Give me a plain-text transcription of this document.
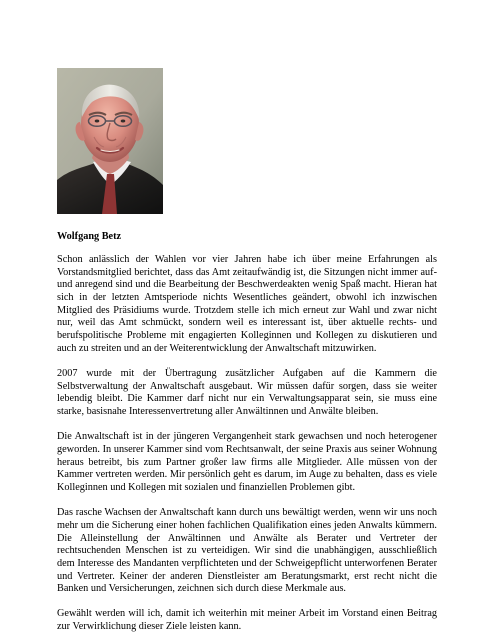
Wolfgang Betz

Schon anlässlich der Wahlen vor vier Jahren habe ich über meine Erfahrungen als Vorstandsmitglied berichtet, dass das Amt zeitaufwändig ist, die Sitzungen nicht immer auf- und anregend sind und die Bearbeitung der Beschwerdeakten wenig Spaß macht. Hieran hat sich in der letzten Amtsperiode nichts Wesentliches geändert, obwohl ich inzwischen Mitglied des Präsidiums wurde. Trotzdem stelle ich mich erneut zur Wahl und zwar nicht nur, weil das Amt schmückt, sondern weil es interessant ist, über aktuelle rechts- und berufspolitische Probleme mit engagierten Kolleginnen und Kollegen zu diskutieren und auch zu streiten und an der Weiterentwicklung der Anwaltschaft mitzuwirken.

2007 wurde mit der Übertragung zusätzlicher Aufgaben auf die Kammern die Selbstverwaltung der Anwaltschaft ausgebaut. Wir müssen dafür sorgen, dass sie weiter lebendig bleibt. Die Kammer darf nicht nur ein Verwaltungsapparat sein, sie muss eine starke, basisnahe Interessenvertretung aller Anwältinnen und Anwälte bleiben.

Die Anwaltschaft ist in der jüngeren Vergangenheit stark gewachsen und noch heterogener geworden. In unserer Kammer sind vom Rechtsanwalt, der seine Praxis aus seiner Wohnung heraus betreibt, bis zum Partner großer law firms alle Mitglieder. Alle müssen von der Kammer vertreten werden. Mir persönlich geht es darum, im Auge zu behalten, dass es viele Kolleginnen und Kollegen mit sozialen und finanziellen Problemen gibt.

Das rasche Wachsen der Anwaltschaft kann durch uns bewältigt werden, wenn wir uns noch mehr um die Sicherung einer hohen fachlichen Qualifikation eines jeden Anwalts kümmern. Die Alleinstellung der Anwältinnen und Anwälte als Berater und Vertreter der rechtsuchenden Menschen ist zu verteidigen. Wir sind die unabhängigen, ausschließlich dem Interesse des Mandanten verpflichteten und der Schweigepflicht unterworfenen Berater und Vertreter. Keiner der anderen Dienstleister am Beratungsmarkt, erst recht nicht die Banken und Versicherungen, zeichnen sich durch diese Merkmale aus.

Gewählt werden will ich, damit ich weiterhin mit meiner Arbeit im Vorstand einen Beitrag zur Verwirklichung dieser Ziele leisten kann.
